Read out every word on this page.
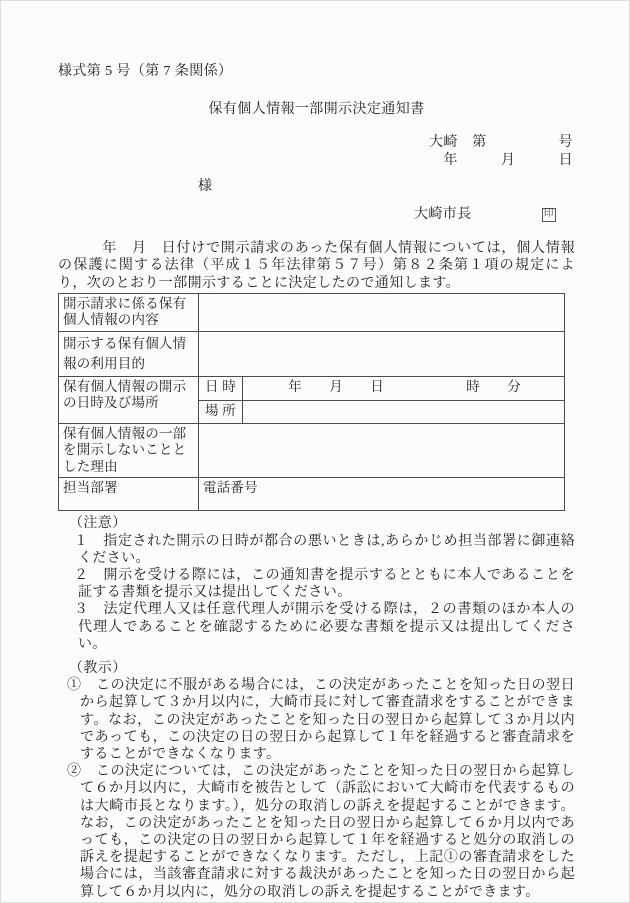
様式第 5 号（第 7 条関係）
保有個人情報一部開示決定通知書
大崎　第　　　　　号
年　　　月　　　日
様
大崎市長	印
　　　年　月　日付けで開示請求のあった保有個人情報については，個人情報の保護に関する法律（平成１５年法律第５７号）第８２条第１項の規定により，次のとおり一部開示することに決定したので通知します。
開示請求に係る保有個人情報の内容		
開示する保有個人情報の利用目的		
保有個人情報の開示の日時及び場所	日 時	　　　年　　月　　日　　　　　　時　　分
	場 所	
保有個人情報の一部を開示しないこととした理由		
担当部署	電話番号	
（注意）
１　指定された開示の日時が都合の悪いときは,あらかじめ担当部署に御連絡ください。
２　開示を受ける際には，この通知書を提示するとともに本人であることを証する書類を提示又は提出してください。
３　法定代理人又は任意代理人が開示を受ける際は，２の書類のほか本人の代理人であることを確認するために必要な書類を提示又は提出してください。
（教示）
①　この決定に不服がある場合には，この決定があったことを知った日の翌日から起算して３か月以内に，大崎市長に対して審査請求をすることができます。なお，この決定があったことを知った日の翌日から起算して３か月以内であっても，この決定の日の翌日から起算して１年を経過すると審査請求をすることができなくなります。
②　この決定については，この決定があったことを知った日の翌日から起算して６か月以内に，大崎市を被告として（訴訟において大崎市を代表するものは大崎市長となります。），処分の取消しの訴えを提起することができます。なお，この決定があったことを知った日の翌日から起算して６か月以内であっても，この決定の日の翌日から起算して１年を経過すると処分の取消しの訴えを提起することができなくなります。ただし，上記①の審査請求をした場合には，当該審査請求に対する裁決があったことを知った日の翌日から起算して６か月以内に，処分の取消しの訴えを提起することができます。
